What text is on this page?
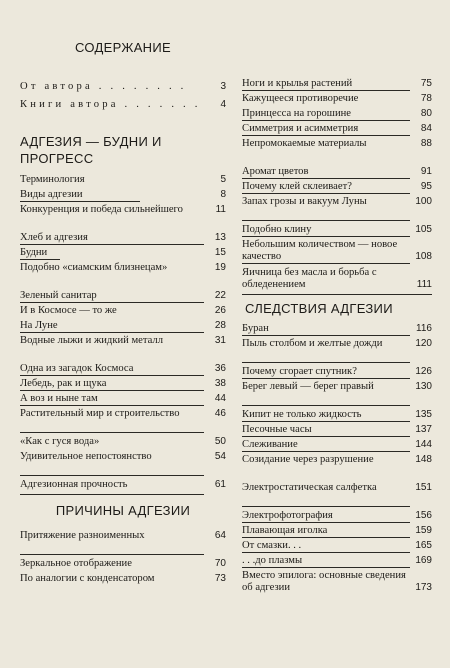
СОДЕРЖАНИЕ
От автора . . . . . . . .	3
Книги автора . . . . . . .	4
АДГЕЗИЯ — БУДНИ И ПРОГРЕСС
Терминология	5
Виды адгезии	8
Конкуренция и победа сильнейшего	11
Хлеб и адгезия	13
Будни	15
Подобно «сиамским близнецам»	19
Зеленый санитар	22
И в Космосе — то же	26
На Луне	28
Водные лыжи и жидкий металл	31
Одна из загадок Космоса	36
Лебедь, рак и щука	38
А воз и ныне там	44
Растительный мир и строительство	46
«Как с гуся вода»	50
Удивительное непостоянство	54
Адгезионная прочность	61
ПРИЧИНЫ АДГЕЗИИ
Притяжение разноименных	64
Зеркальное отображение	70
По аналогии с конденсатором	73
Ноги и крылья растений	75
Кажущееся противоречие	78
Принцесса на горошине	80
Симметрия и асимметрия	84
Непромокаемые материалы	88
Аромат цветов	91
Почему клей склеивает?	95
Запах грозы и вакуум Луны	100
Подобно клину	105
Небольшим количеством — новое качество	108
Яичница без масла и борьба с обледенением	111
СЛЕДСТВИЯ АДГЕЗИИ
Буран	116
Пыль столбом и желтые дожди	120
Почему сгорает спутник?	126
Берег левый — берег правый	130
Кипит не только жидкость	135
Песочные часы	137
Слеживание	144
Созидание через разрушение	148
Электростатическая салфетка	151
Электрофотография	156
Плавающая иголка	159
От смазки. . .	165
. . .до плазмы	169
Вместо эпилога: основные сведения об адгезии	173
